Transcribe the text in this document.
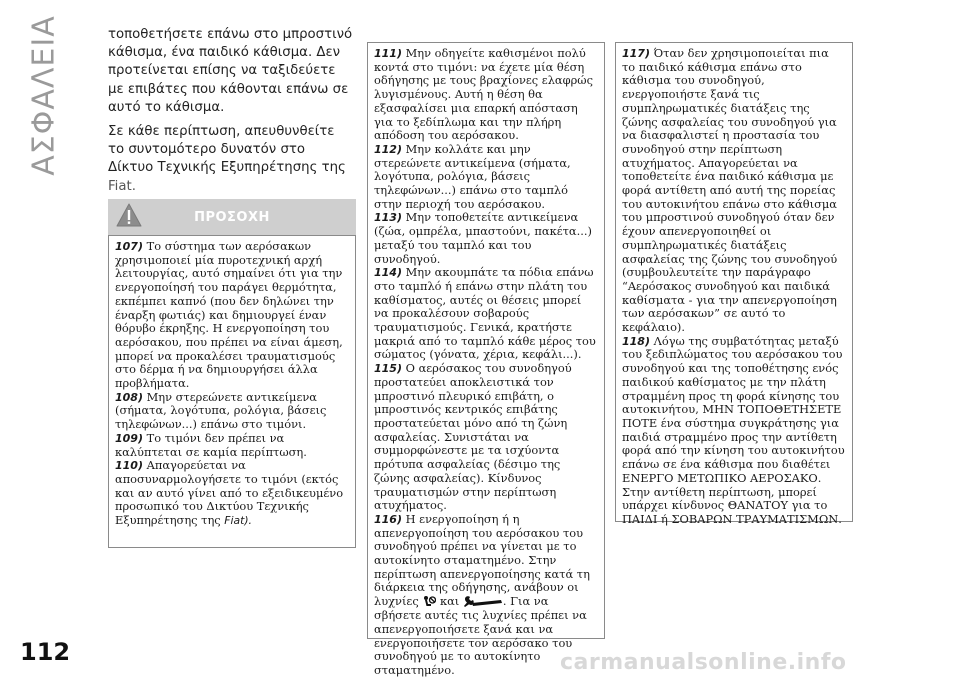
ΑΣΦΑΛΕΙΑ	τοποθετήσετε επάνω στο μπροστινό κάθισμα, ένα παιδικό κάθισμα. Δεν προτείνεται επίσης να ταξιδεύετε με επιβάτες που κάθονται επάνω σε αυτό το κάθισμα.

Σε κάθε περίπτωση, απευθυνθείτε το συντομότερο δυνατόν στο Δίκτυο Τεχνικής Εξυπηρέτησης της Fiat.

ΠΡΟΣΟΧΗ

107) Το σύστημα των αερόσακων χρησιμοποιεί μία πυροτεχνική αρχή λειτουργίας, αυτό σημαίνει ότι για την ενεργοποίησή του παράγει θερμότητα, εκπέμπει καπνό (που δεν δηλώνει την έναρξη φωτιάς) και δημιουργεί έναν θόρυβο έκρηξης. Η ενεργοποίηση του αερόσακου, που πρέπει να είναι άμεση, μπορεί να προκαλέσει τραυματισμούς στο δέρμα ή να δημιουργήσει άλλα προβλήματα.

108) Μην στερεώνετε αντικείμενα (σήματα, λογότυπα, ρολόγια, βάσεις τηλεφώνων...) επάνω στο τιμόνι.

109) Το τιμόνι δεν πρέπει να καλύπτεται σε καμία περίπτωση.

110) Απαγορεύεται να αποσυναρμολογήσετε το τιμόνι (εκτός και αν αυτό γίνει από το εξειδικευμένο προσωπικό του Δικτύου Τεχνικής Εξυπηρέτησης της Fiat).

111) Μην οδηγείτε καθισμένοι πολύ κοντά στο τιμόνι: να έχετε μία θέση οδήγησης με τους βραχίονες ελαφρώς λυγισμένους. Αυτή η θέση θα εξασφαλίσει μια επαρκή απόσταση για το ξεδίπλωμα και την πλήρη απόδοση του αερόσακου.

112) Μην κολλάτε και μην στερεώνετε αντικείμενα (σήματα, λογότυπα, ρολόγια, βάσεις τηλεφώνων...) επάνω στο ταμπλό στην περιοχή του αερόσακου.

113) Μην τοποθετείτε αντικείμενα (ζώα, ομπρέλα, μπαστούνι, πακέτα...) μεταξύ του ταμπλό και του συνοδηγού.

114) Μην ακουμπάτε τα πόδια επάνω στο ταμπλό ή επάνω στην πλάτη του καθίσματος, αυτές οι θέσεις μπορεί να προκαλέσουν σοβαρούς τραυματισμούς. Γενικά, κρατήστε μακριά από το ταμπλό κάθε μέρος του σώματος (γόνατα, χέρια, κεφάλι...).

115) Ο αερόσακος του συνοδηγού προστατεύει αποκλειστικά τον μπροστινό πλευρικό επιβάτη, ο μπροστινός κεντρικός επιβάτης προστατεύεται μόνο από τη ζώνη ασφαλείας. Συνιστάται να συμμορφώνεστε με τα ισχύοντα πρότυπα ασφαλείας (δέσιμο της ζώνης ασφαλείας). Κίνδυνος τραυματισμών στην περίπτωση ατυχήματος.

116) Η ενεργοποίηση ή η απενεργοποίηση του αερόσακου του συνοδηγού πρέπει να γίνεται με το αυτοκίνητο σταματημένο. Στην περίπτωση απενεργοποίησης κατά τη διάρκεια της οδήγησης, ανάβουν οι λυχνίες και	. Για να σβήσετε αυτές τις λυχνίες πρέπει να απενεργοποιήσετε ξανά και να ενεργοποιήσετε τον αερόσακο του συνοδηγού με το αυτοκίνητο σταματημένο.

117) Όταν δεν χρησιμοποιείται πια το παιδικό κάθισμα επάνω στο κάθισμα του συνοδηγού, ενεργοποιήστε ξανά τις συμπληρωματικές διατάξεις της ζώνης ασφαλείας του συνοδηγού για να διασφαλιστεί η προστασία του συνοδηγού στην περίπτωση ατυχήματος. Απαγορεύεται να τοποθετείτε ένα παιδικό κάθισμα με φορά αντίθετη από αυτή της πορείας του αυτοκινήτου επάνω στο κάθισμα του μπροστινού συνοδηγού όταν δεν έχουν απενεργοποιηθεί οι συμπληρωματικές διατάξεις ασφαλείας της ζώνης του συνοδηγού (συμβουλευτείτε την παράγραφο “Αερόσακος συνοδηγού και παιδικά καθίσματα - για την απενεργοποίηση των αερόσακων” σε αυτό το κεφάλαιο).

118) Λόγω της συμβατότητας μεταξύ του ξεδιπλώματος του αερόσακου του συνοδηγού και της τοποθέτησης ενός παιδικού καθίσματος με την πλάτη στραμμένη προς τη φορά κίνησης του αυτοκινήτου, ΜΗΝ ΤΟΠΟΘΕΤΗΣΕΤΕ ΠΟΤΕ ένα σύστημα συγκράτησης για παιδιά στραμμένο προς την αντίθετη φορά από την κίνηση του αυτοκινήτου επάνω σε ένα κάθισμα που διαθέτει ΕΝΕΡΓΟ ΜΕΤΩΠΙΚΟ ΑΕΡΟΣΑΚΟ. Στην αντίθετη περίπτωση, μπορεί υπάρχει κίνδυνος ΘΑΝΑΤΟΥ για το ΠΑΙΔΙ ή ΣΟΒΑΡΩΝ ΤΡΑΥΜΑΤΙΣΜΩΝ.

112	carmanualsonline.info
